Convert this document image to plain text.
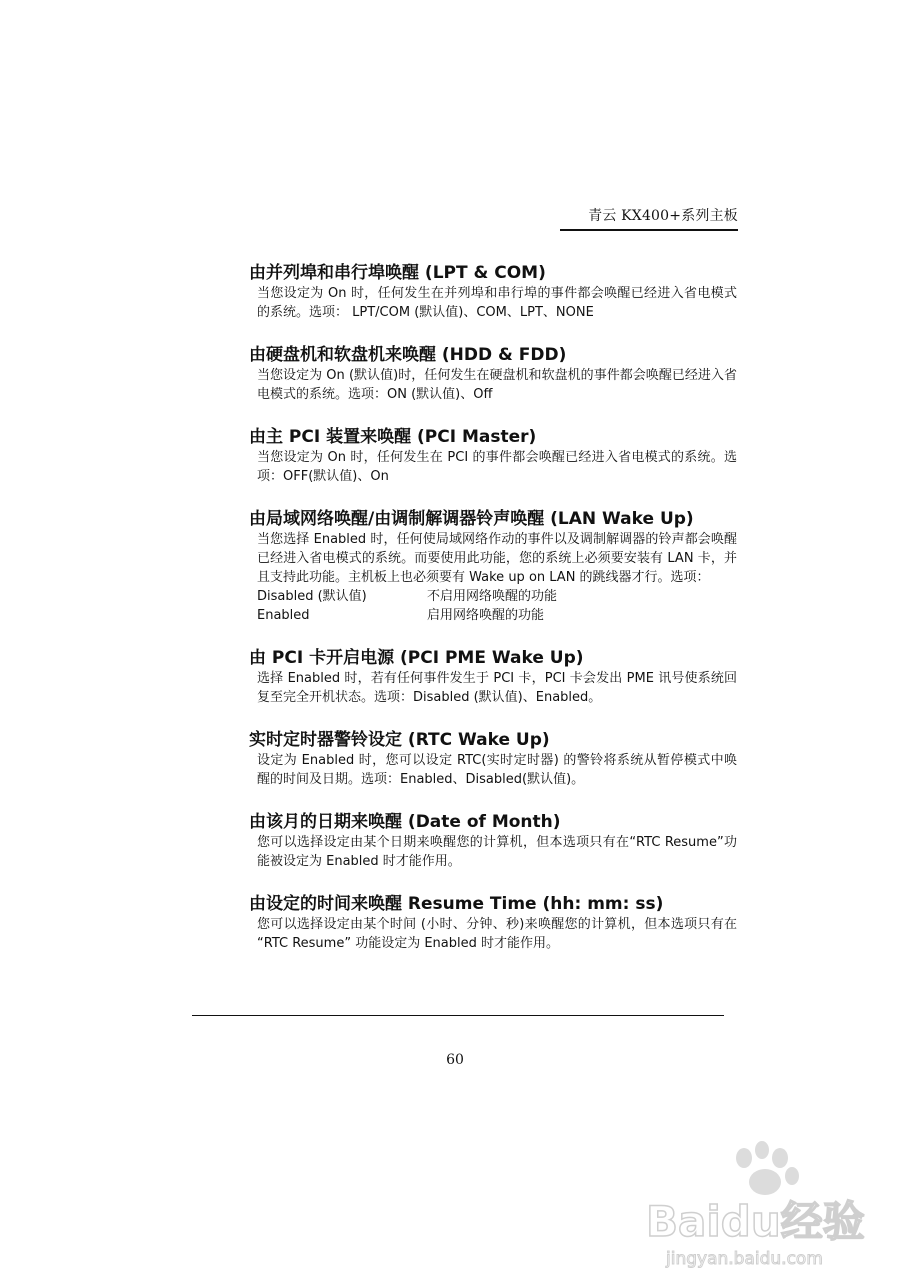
青云 KX400+系列主板
由并列埠和串行埠唤醒 (LPT & COM)
当您设定为 On 时，任何发生在并列埠和串行埠的事件都会唤醒已经进入省电模式的系统。选项： LPT/COM (默认值)、COM、LPT、NONE
由硬盘机和软盘机来唤醒 (HDD & FDD)
当您设定为 On (默认值)时，任何发生在硬盘机和软盘机的事件都会唤醒已经进入省电模式的系统。选项：ON (默认值)、Off
由主 PCI 装置来唤醒 (PCI Master)
当您设定为 On 时，任何发生在 PCI 的事件都会唤醒已经进入省电模式的系统。选项：OFF(默认值)、On
由局域网络唤醒/由调制解调器铃声唤醒 (LAN Wake Up)
当您选择 Enabled 时，任何使局域网络作动的事件以及调制解调器的铃声都会唤醒已经进入省电模式的系统。而要使用此功能，您的系统上必须要安装有 LAN 卡，并且支持此功能。主机板上也必须要有 Wake up on LAN 的跳线器才行。选项：
Disabled (默认值)	不启用网络唤醒的功能
Enabled	启用网络唤醒的功能
由 PCI 卡开启电源 (PCI PME Wake Up)
选择 Enabled 时，若有任何事件发生于 PCI 卡，PCI 卡会发出 PME 讯号使系统回复至完全开机状态。选项：Disabled (默认值)、Enabled。
实时定时器警铃设定 (RTC Wake Up)
设定为 Enabled 时，您可以设定 RTC(实时定时器) 的警铃将系统从暂停模式中唤醒的时间及日期。选项：Enabled、Disabled(默认值)。
由该月的日期来唤醒 (Date of Month)
您可以选择设定由某个日期来唤醒您的计算机，但本选项只有在“RTC Resume”功能被设定为 Enabled 时才能作用。
由设定的时间来唤醒 Resume Time (hh: mm: ss)
您可以选择设定由某个时间 (小时、分钟、秒)来唤醒您的计算机，但本选项只有在 “RTC Resume” 功能设定为 Enabled 时才能作用。
60
Baidu经验
jingyan.baidu.com
